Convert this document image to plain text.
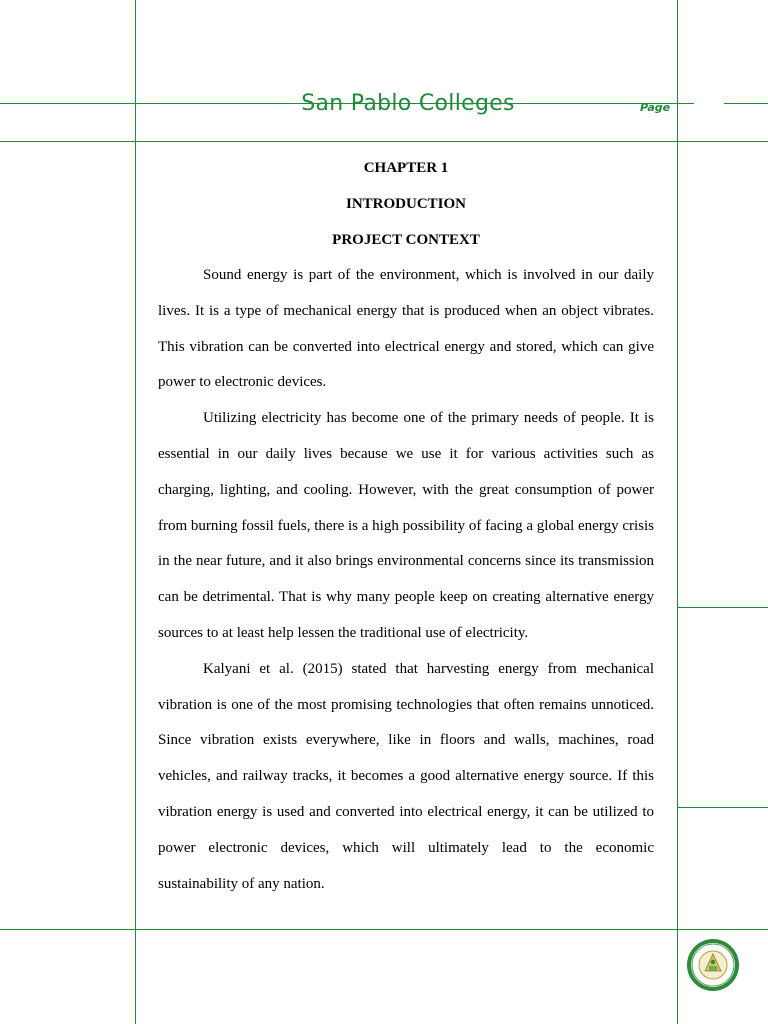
San Pablo Colleges	Page
CHAPTER 1
INTRODUCTION
PROJECT CONTEXT

Sound energy is part of the environment, which is involved in our daily lives. It is a type of mechanical energy that is produced when an object vibrates. This vibration can be converted into electrical energy and stored, which can give power to electronic devices.

Utilizing electricity has become one of the primary needs of people. It is essential in our daily lives because we use it for various activities such as charging, lighting, and cooling. However, with the great consumption of power from burning fossil fuels, there is a high possibility of facing a global energy crisis in the near future, and it also brings environmental concerns since its transmission can be detrimental. That is why many people keep on creating alternative energy sources to at least help lessen the traditional use of electricity.

Kalyani et al. (2015) stated that harvesting energy from mechanical vibration is one of the most promising technologies that often remains unnoticed. Since vibration exists everywhere, like in floors and walls, machines, road vehicles, and railway tracks, it becomes a good alternative energy source. If this vibration energy is used and converted into electrical energy, it can be utilized to power electronic devices, which will ultimately lead to the economic sustainability of any nation.
